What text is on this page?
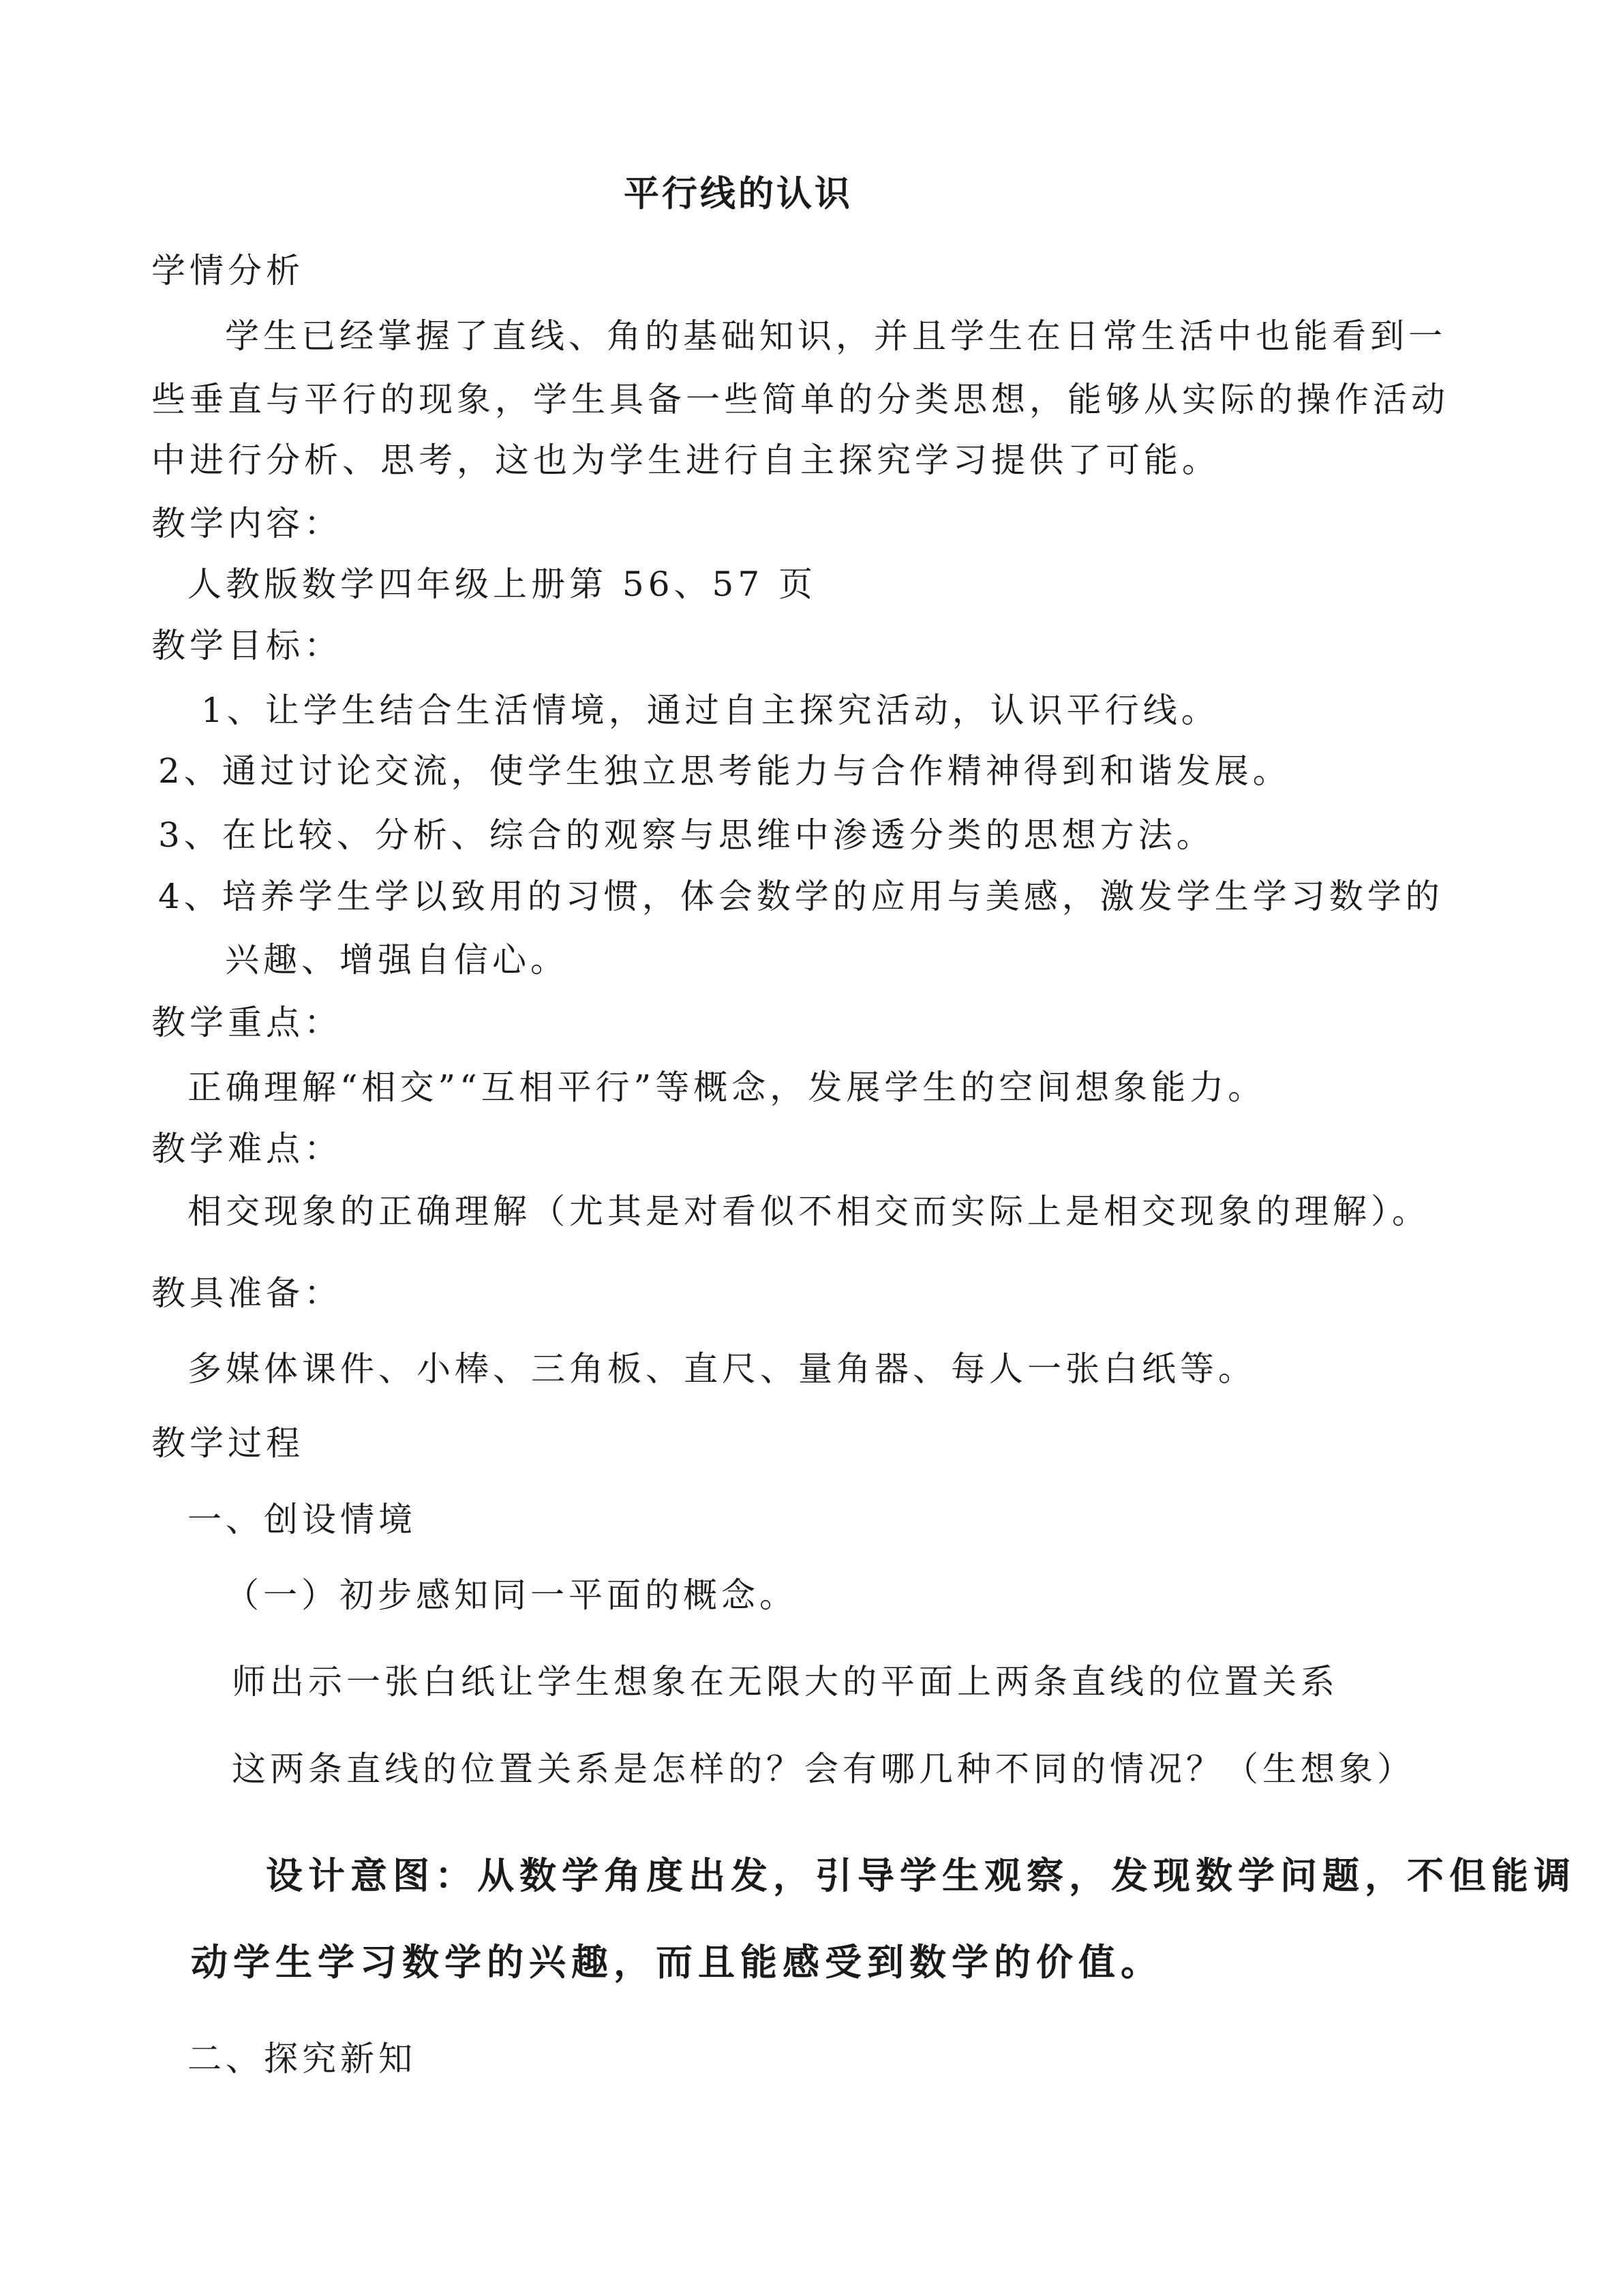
平行线的认识
学情分析
学生已经掌握了直线、角的基础知识，并且学生在日常生活中也能看到一
些垂直与平行的现象，学生具备一些简单的分类思想，能够从实际的操作活动
中进行分析、思考，这也为学生进行自主探究学习提供了可能。
教学内容：
人教版数学四年级上册第 56、57 页
教学目标：
1、让学生结合生活情境，通过自主探究活动，认识平行线。
2、通过讨论交流，使学生独立思考能力与合作精神得到和谐发展。
3、在比较、分析、综合的观察与思维中渗透分类的思想方法。
4、培养学生学以致用的习惯，体会数学的应用与美感，激发学生学习数学的
兴趣、增强自信心。
教学重点：
正确理解“相交”“互相平行”等概念，发展学生的空间想象能力。
教学难点：
相交现象的正确理解（尤其是对看似不相交而实际上是相交现象的理解）。
教具准备：
多媒体课件、小棒、三角板、直尺、量角器、每人一张白纸等。
教学过程
一、创设情境
（一）初步感知同一平面的概念。
师出示一张白纸让学生想象在无限大的平面上两条直线的位置关系
这两条直线的位置关系是怎样的？会有哪几种不同的情况？（生想象）
设计意图：从数学角度出发，引导学生观察，发现数学问题，不但能调
动学生学习数学的兴趣，而且能感受到数学的价值。
二、探究新知
